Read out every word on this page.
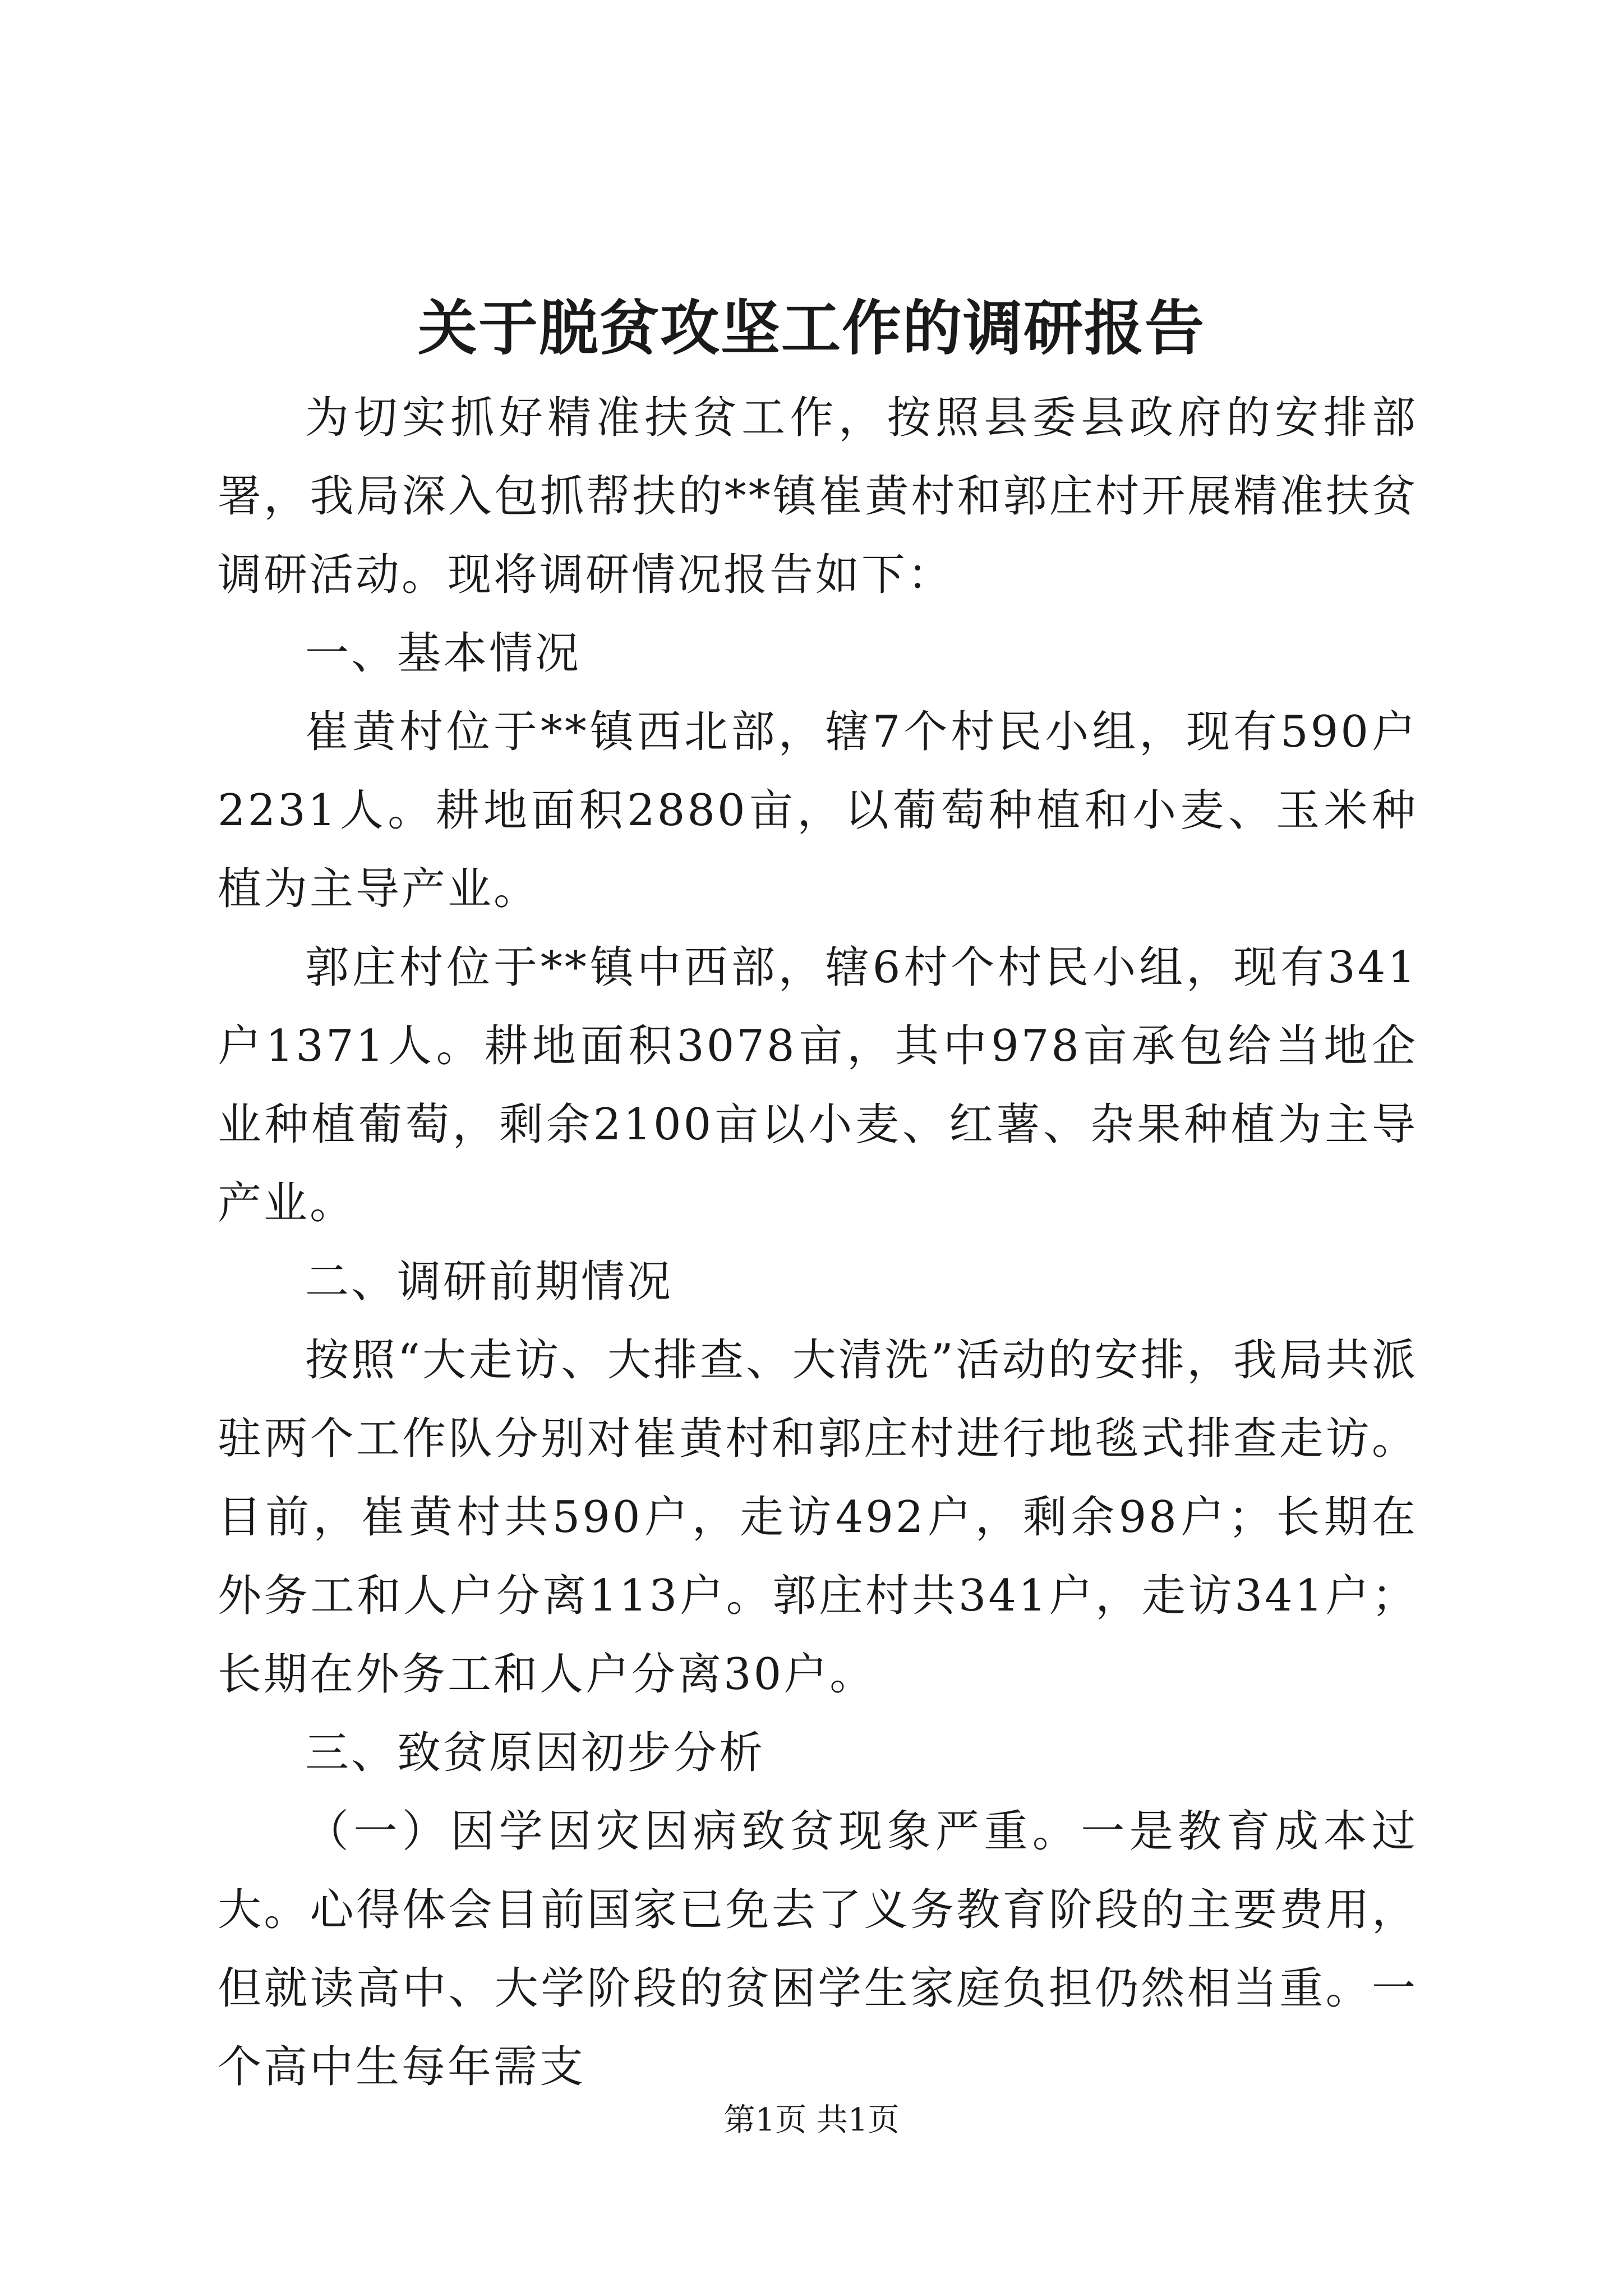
关于脱贫攻坚工作的调研报告

为切实抓好精准扶贫工作，按照县委县政府的安排部署，我局深入包抓帮扶的**镇崔黄村和郭庄村开展精准扶贫调研活动。现将调研情况报告如下：

一、基本情况

崔黄村位于**镇西北部，辖7个村民小组，现有590户2231人。耕地面积2880亩，以葡萄种植和小麦、玉米种植为主导产业。

郭庄村位于**镇中西部，辖6村个村民小组，现有341户1371人。耕地面积3078亩，其中978亩承包给当地企业种植葡萄，剩余2100亩以小麦、红薯、杂果种植为主导产业。

二、调研前期情况

按照“大走访、大排查、大清洗”活动的安排，我局共派驻两个工作队分别对崔黄村和郭庄村进行地毯式排查走访。目前，崔黄村共590户，走访492户，剩余98户；长期在外务工和人户分离113户。郭庄村共341户，走访341户；长期在外务工和人户分离30户。

三、致贫原因初步分析

（一）因学因灾因病致贫现象严重。一是教育成本过大。心得体会目前国家已免去了义务教育阶段的主要费用，但就读高中、大学阶段的贫困学生家庭负担仍然相当重。一个高中生每年需支

第1页 共1页
